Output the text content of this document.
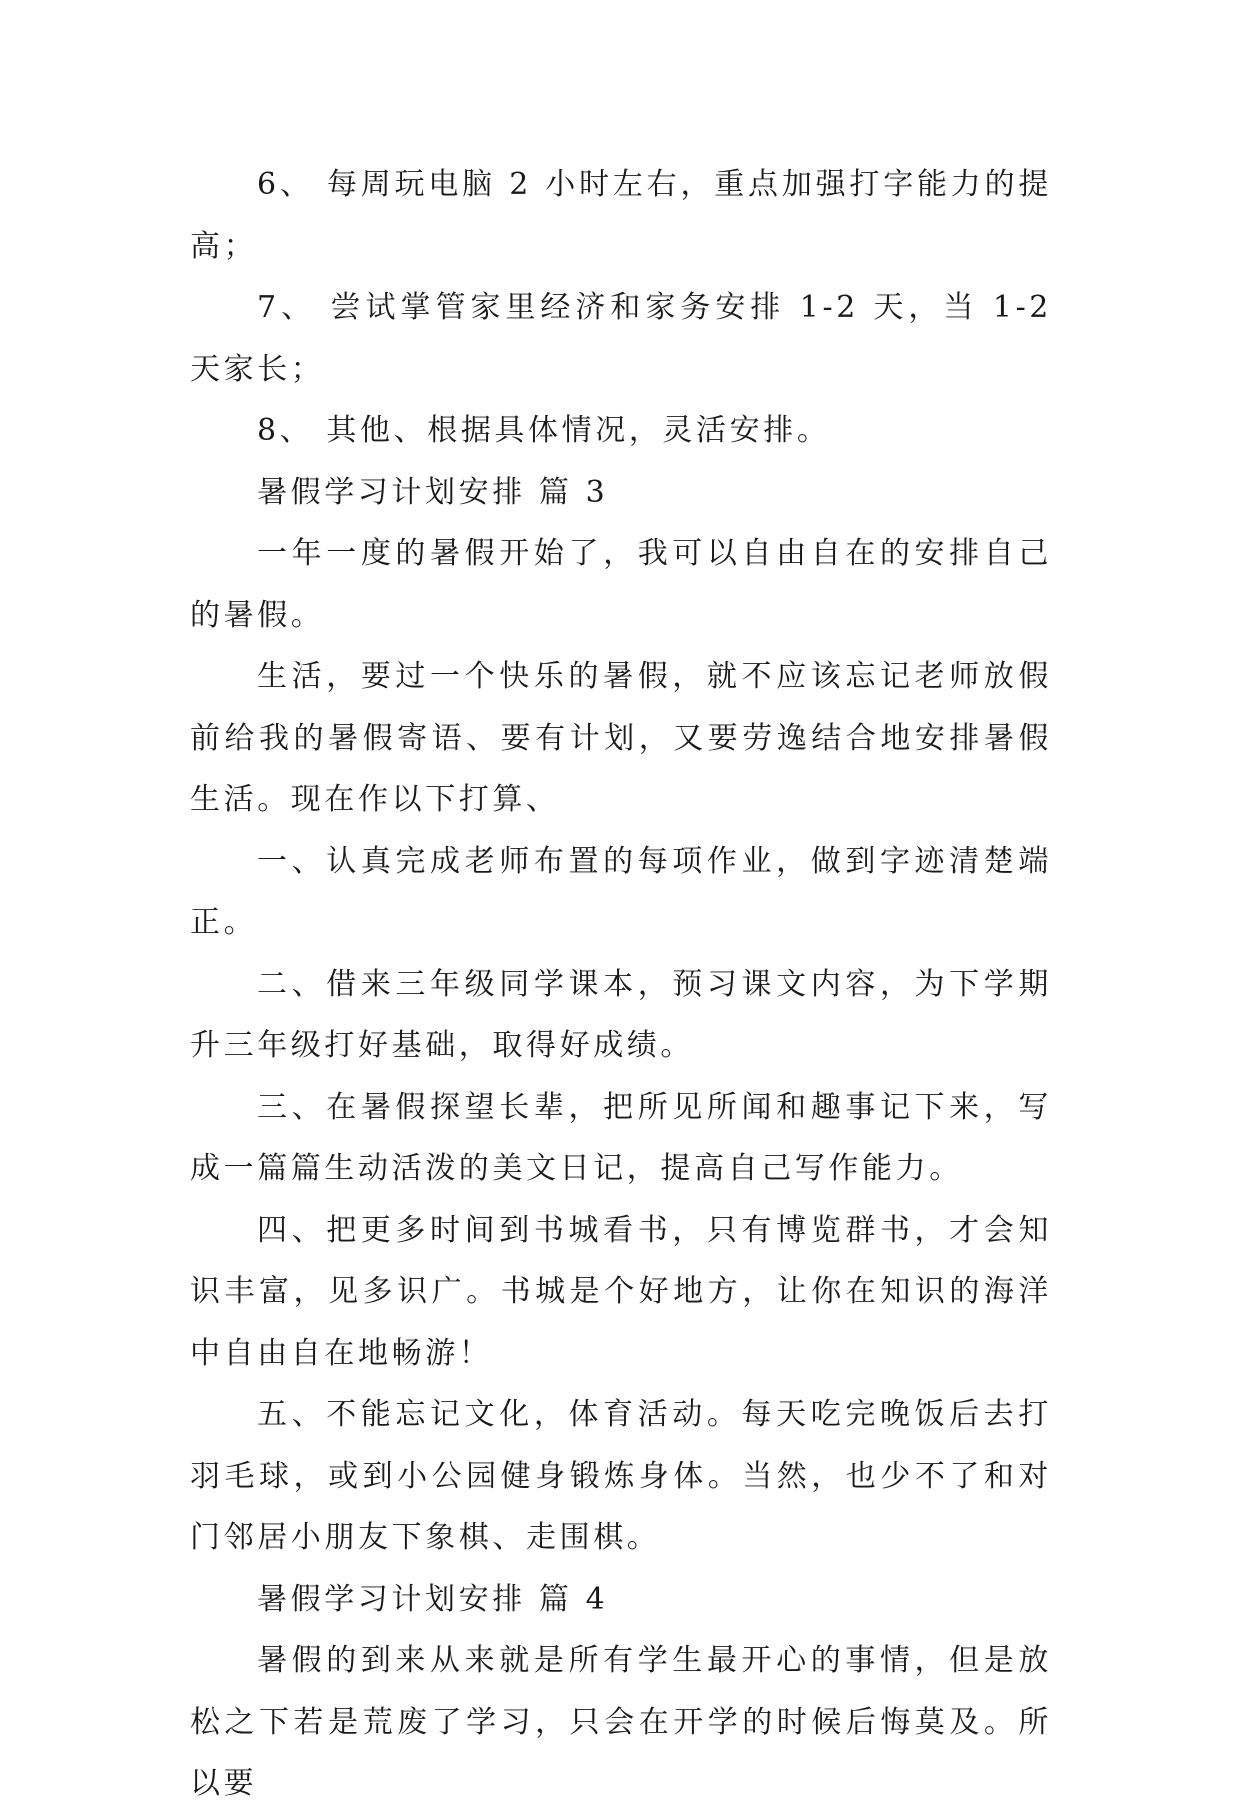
6、 每周玩电脑 2 小时左右，重点加强打字能力的提高；

7、 尝试掌管家里经济和家务安排 1-2 天，当 1-2 天家长；

8、 其他、根据具体情况，灵活安排。

暑假学习计划安排 篇 3

一年一度的暑假开始了，我可以自由自在的安排自己的暑假。

生活，要过一个快乐的暑假，就不应该忘记老师放假前给我的暑假寄语、要有计划，又要劳逸结合地安排暑假生活。现在作以下打算、

一、认真完成老师布置的每项作业，做到字迹清楚端正。

二、借来三年级同学课本，预习课文内容，为下学期升三年级打好基础，取得好成绩。

三、在暑假探望长辈，把所见所闻和趣事记下来，写成一篇篇生动活泼的美文日记，提高自己写作能力。

四、把更多时间到书城看书，只有博览群书，才会知识丰富，见多识广。书城是个好地方，让你在知识的海洋中自由自在地畅游！

五、不能忘记文化，体育活动。每天吃完晚饭后去打羽毛球，或到小公园健身锻炼身体。当然，也少不了和对门邻居小朋友下象棋、走围棋。

暑假学习计划安排 篇 4

暑假的到来从来就是所有学生最开心的事情，但是放松之下若是荒废了学习，只会在开学的时候后悔莫及。所以要
